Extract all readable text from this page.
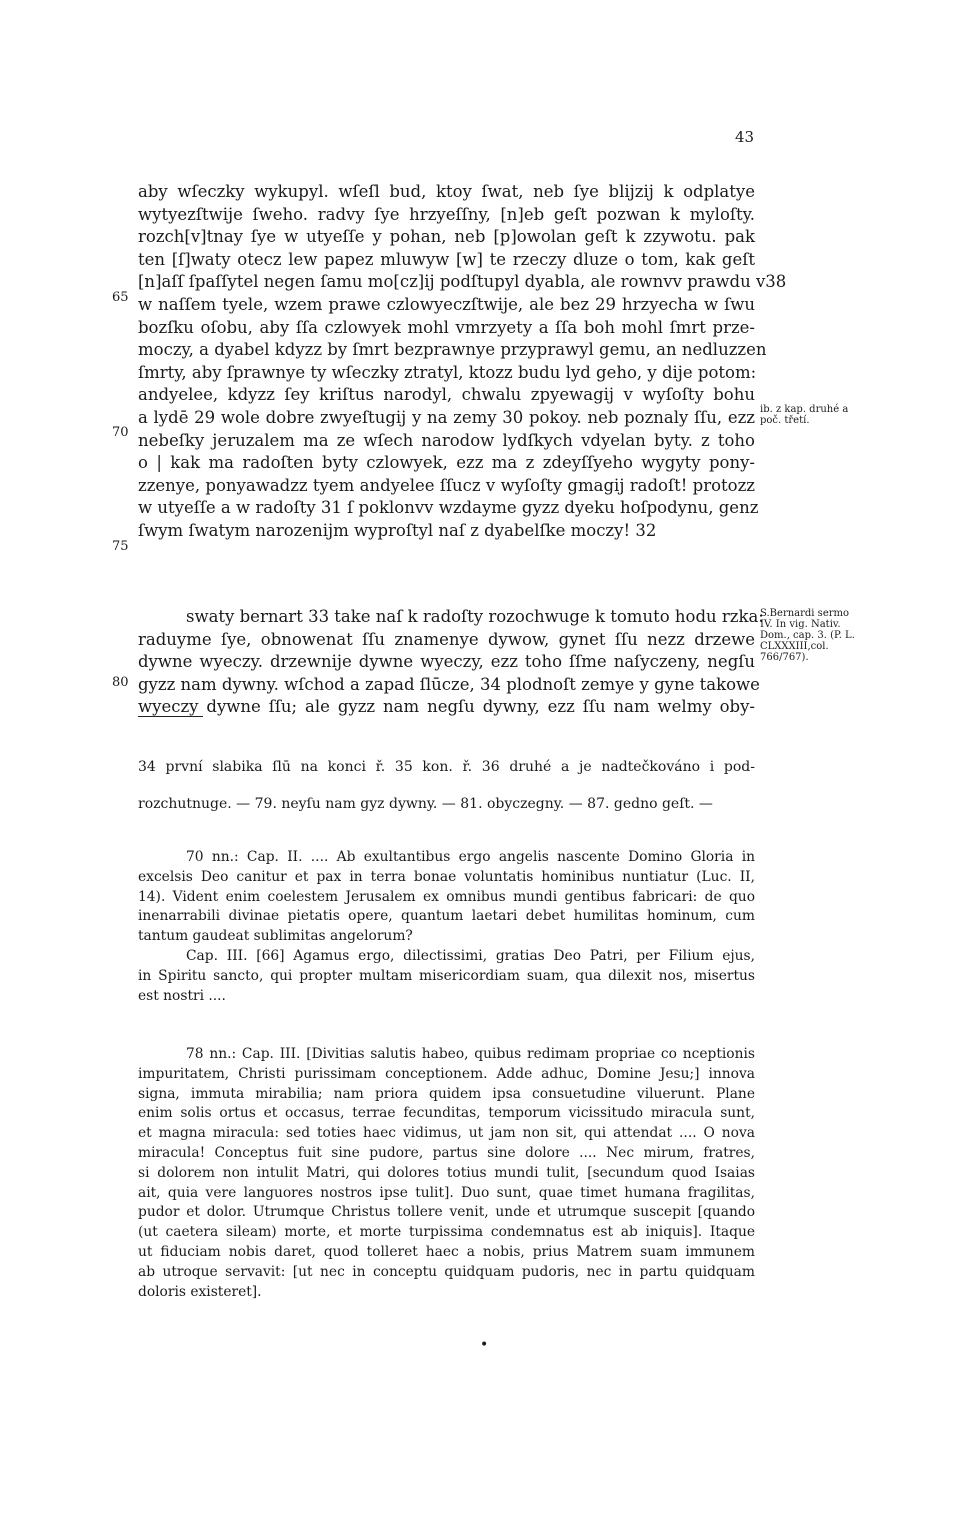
43
aby wſeczky wykupyl. wſeſl bud, ktoy ſwat, neb ſye blijzij k odplatye
wytyezſtwije ſweho. radvy ſye hrzyeſſny, [n]eb geſt pozwan k myloſty.
rozch[v]tnay ſye w utyeſſe y pohan, neb [p]owolan geſt k zzywotu. pak
ten [ſ]waty otecz lew papez mluwyw [w] te rzeczy dluze o tom, kak geſt
[n]aſſ ſpaſſytel negen ſamu mo[cz]ij podſtupyl dyabla, ale rownvv prawdu v38
w naſſem tyele, wzem prawe czlowyeczſtwije, ale bez 29 hrzyecha w ſwu
bozſku oſobu, aby ſſa czlowyek mohl vmrzyety a ſſa boh mohl ſmrt prze-
moczy, a dyabel kdyzz by ſmrt bezprawnye przyprawyl gemu, an nedluzzen
ſmrty, aby ſprawnye ty wſeczky ztratyl, ktozz budu lyd geho, y dije potom:
andyelee, kdyzz ſey kriſtus narodyl, chwalu zpyewagij v wyſoſty bohu
a lydē 29 wole dobre zwyeſtugij y na zemy 30 pokoy. neb poznaly ſſu, ezz
nebeſky jeruzalem ma ze wſech narodow lydſkych vdyelan byty. z toho
o | kak ma radoſten byty czlowyek, ezz ma z zdeyſſyeho wygyty pony-
zzenye, ponyawadzz tyem andyelee ſſucz v wyſoſty gmagij radoſt! protozz
w utyeſſe a w radoſty 31 ſ poklonvv wzdayme gyzz dyeku hoſpodynu, genz
ſwym ſwatym narozenijm wyproſtyl naſ z dyabelſke moczy! 32
swaty bernart 33 take naſ k radoſty rozochwuge k tomuto hodu rzka:
raduyme ſye, obnowenat ſſu znamenye dywow, gynet ſſu nezz drzewe
dywne wyeczy. drzewnije dywne wyeczy, ezz toho ſſme naſyczeny, negſu
gyzz nam dywny. wſchod a zapad ſlūcze, 34 plodnoſt zemye y gyne takowe
wyeczy dywne ſſu; ale gyzz nam negſu dywny, ezz ſſu nam welmy oby-
65
70
75
80
ib. z kap. druhé a poč. třetí.
S.Bernardi sermo IV. In vig. Nativ. Dom., cap. 3. (P. L. CLXXXIII,col. 766/767).
34 první slabika ſlū na konci ř. 35 kon. ř. 36 druhé a je nadtečkováno i pod-
rozchutnuge. — 79. neyſu nam gyz dywny. — 81. obyczegny. — 87. gedno geſt. —
70 nn.: Cap. II. .... Ab exultantibus ergo angelis nascente Domino Gloria in
excelsis Deo canitur et pax in terra bonae voluntatis hominibus nuntiatur (Luc. II,
14). Vident enim coelestem Jerusalem ex omnibus mundi gentibus fabricari: de quo
inenarrabili divinae pietatis opere, quantum laetari debet humilitas hominum, cum
tantum gaudeat sublimitas angelorum?
Cap. III. [66] Agamus ergo, dilectissimi, gratias Deo Patri, per Filium ejus,
in Spiritu sancto, qui propter multam misericordiam suam, qua dilexit nos, misertus
est nostri ....
78 nn.: Cap. III. [Divitias salutis habeo, quibus redimam propriae co nceptionis
impuritatem, Christi purissimam conceptionem. Adde adhuc, Domine Jesu;] innova
signa, immuta mirabilia; nam priora quidem ipsa consuetudine viluerunt. Plane
enim solis ortus et occasus, terrae fecunditas, temporum vicissitudo miracula sunt,
et magna miracula: sed toties haec vidimus, ut jam non sit, qui attendat .... O nova
miracula! Conceptus fuit sine pudore, partus sine dolore .... Nec mirum, fratres,
si dolorem non intulit Matri, qui dolores totius mundi tulit, [secundum quod Isaias
ait, quia vere languores nostros ipse tulit]. Duo sunt, quae timet humana fragilitas,
pudor et dolor. Utrumque Christus tollere venit, unde et utrumque suscepit [quando
(ut caetera sileam) morte, et morte turpissima condemnatus est ab iniquis]. Itaque
ut fiduciam nobis daret, quod tolleret haec a nobis, prius Matrem suam immunem
ab utroque servavit: [ut nec in conceptu quidquam pudoris, nec in partu quidquam
doloris existeret].
•
